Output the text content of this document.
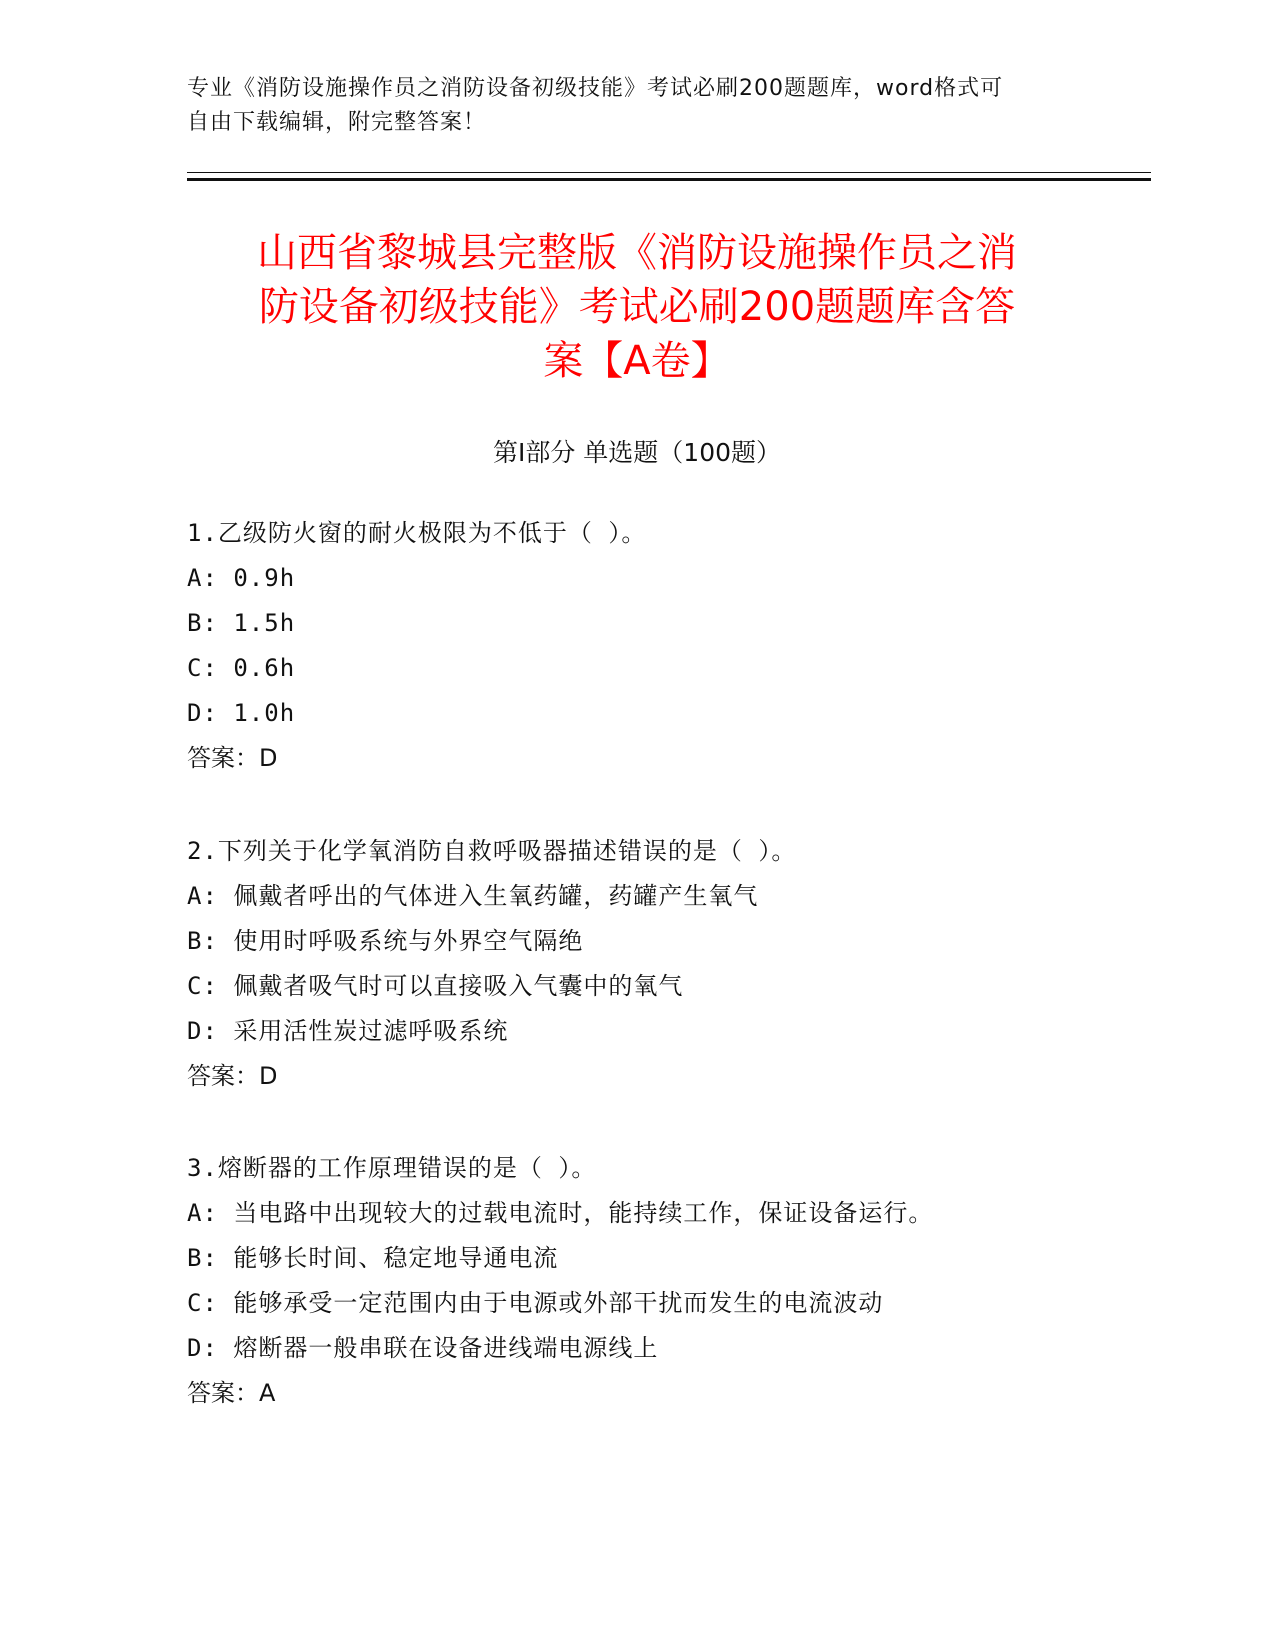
专业《消防设施操作员之消防设备初级技能》考试必刷200题题库，word格式可
自由下载编辑，附完整答案！
山西省黎城县完整版《消防设施操作员之消
防设备初级技能》考试必刷200题题库含答
案【A卷】
第I部分 单选题（100题）
1.乙级防火窗的耐火极限为不低于（ ）。
A: 0.9h
B: 1.5h
C: 0.6h
D: 1.0h
答案：D
2.下列关于化学氧消防自救呼吸器描述错误的是（ ）。
A: 佩戴者呼出的气体进入生氧药罐，药罐产生氧气
B: 使用时呼吸系统与外界空气隔绝
C: 佩戴者吸气时可以直接吸入气囊中的氧气
D: 采用活性炭过滤呼吸系统
答案：D
3.熔断器的工作原理错误的是（ ）。
A: 当电路中出现较大的过载电流时，能持续工作，保证设备运行。
B: 能够长时间、稳定地导通电流
C: 能够承受一定范围内由于电源或外部干扰而发生的电流波动
D: 熔断器一般串联在设备进线端电源线上
答案：A
